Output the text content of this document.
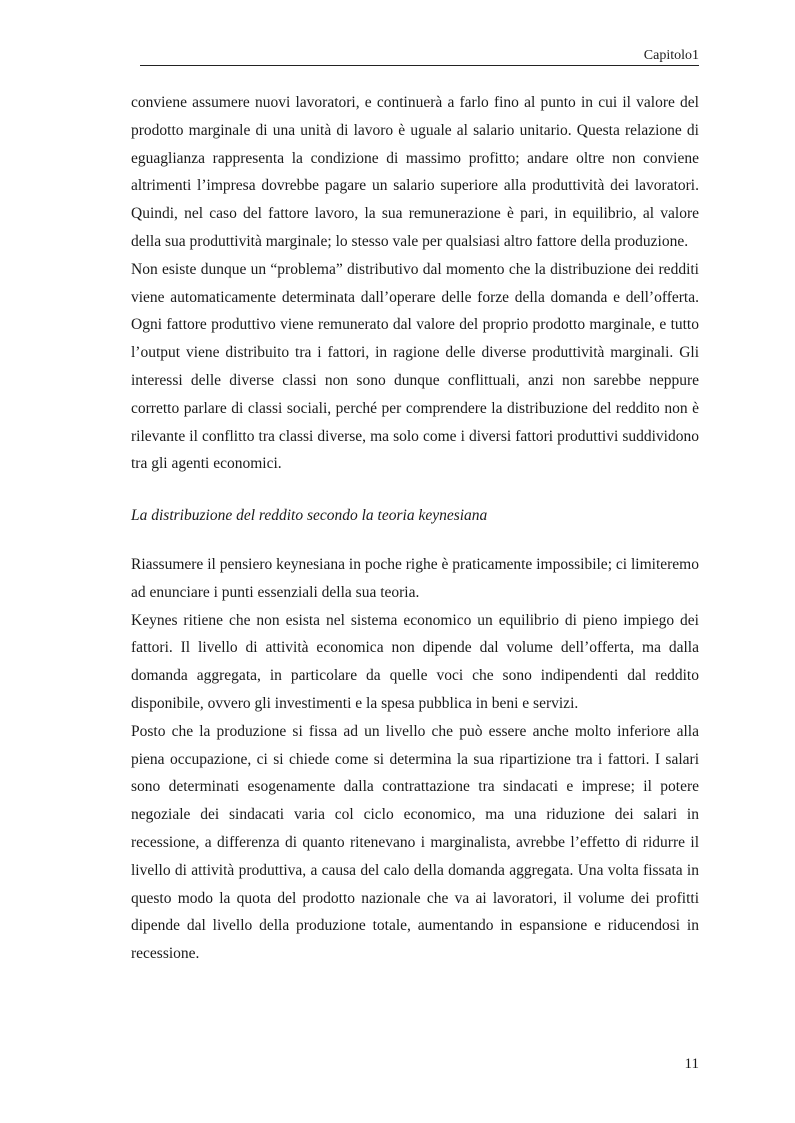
Capitolo1

conviene assumere nuovi lavoratori, e continuerà a farlo fino al punto in cui il valore del prodotto marginale di una unità di lavoro è uguale al salario unitario. Questa relazione di eguaglianza rappresenta la condizione di massimo profitto; andare oltre non conviene altrimenti l’impresa dovrebbe pagare un salario superiore alla produttività dei lavoratori. Quindi, nel caso del fattore lavoro, la sua remunerazione è pari, in equilibrio, al valore della sua produttività marginale; lo stesso vale per qualsiasi altro fattore della produzione.

Non esiste dunque un “problema” distributivo dal momento che la distribuzione dei redditi viene automaticamente determinata dall’operare delle forze della domanda e dell’offerta. Ogni fattore produttivo viene remunerato dal valore del proprio prodotto marginale, e tutto l’output viene distribuito tra i fattori, in ragione delle diverse produttività marginali. Gli interessi delle diverse classi non sono dunque conflittuali, anzi non sarebbe neppure corretto parlare di classi sociali, perché per comprendere la distribuzione del reddito non è rilevante il conflitto tra classi diverse, ma solo come i diversi fattori produttivi suddividono tra gli agenti economici.

La distribuzione del reddito secondo la teoria keynesiana

Riassumere il pensiero keynesiana in poche righe è praticamente impossibile; ci limiteremo ad enunciare i punti essenziali della sua teoria.

Keynes ritiene che non esista nel sistema economico un equilibrio di pieno impiego dei fattori. Il livello di attività economica non dipende dal volume dell’offerta, ma dalla domanda aggregata, in particolare da quelle voci che sono indipendenti dal reddito disponibile, ovvero gli investimenti e la spesa pubblica in beni e servizi.

Posto che la produzione si fissa ad un livello che può essere anche molto inferiore alla piena occupazione, ci si chiede come si determina la sua ripartizione tra i fattori. I salari sono determinati esogenamente dalla contrattazione tra sindacati e imprese; il potere negoziale dei sindacati varia col ciclo economico, ma una riduzione dei salari in recessione, a differenza di quanto ritenevano i marginalista, avrebbe l’effetto di ridurre il livello di attività produttiva, a causa del calo della domanda aggregata. Una volta fissata in questo modo la quota del prodotto nazionale che va ai lavoratori, il volume dei profitti dipende dal livello della produzione totale, aumentando in espansione e riducendosi in recessione.

11
